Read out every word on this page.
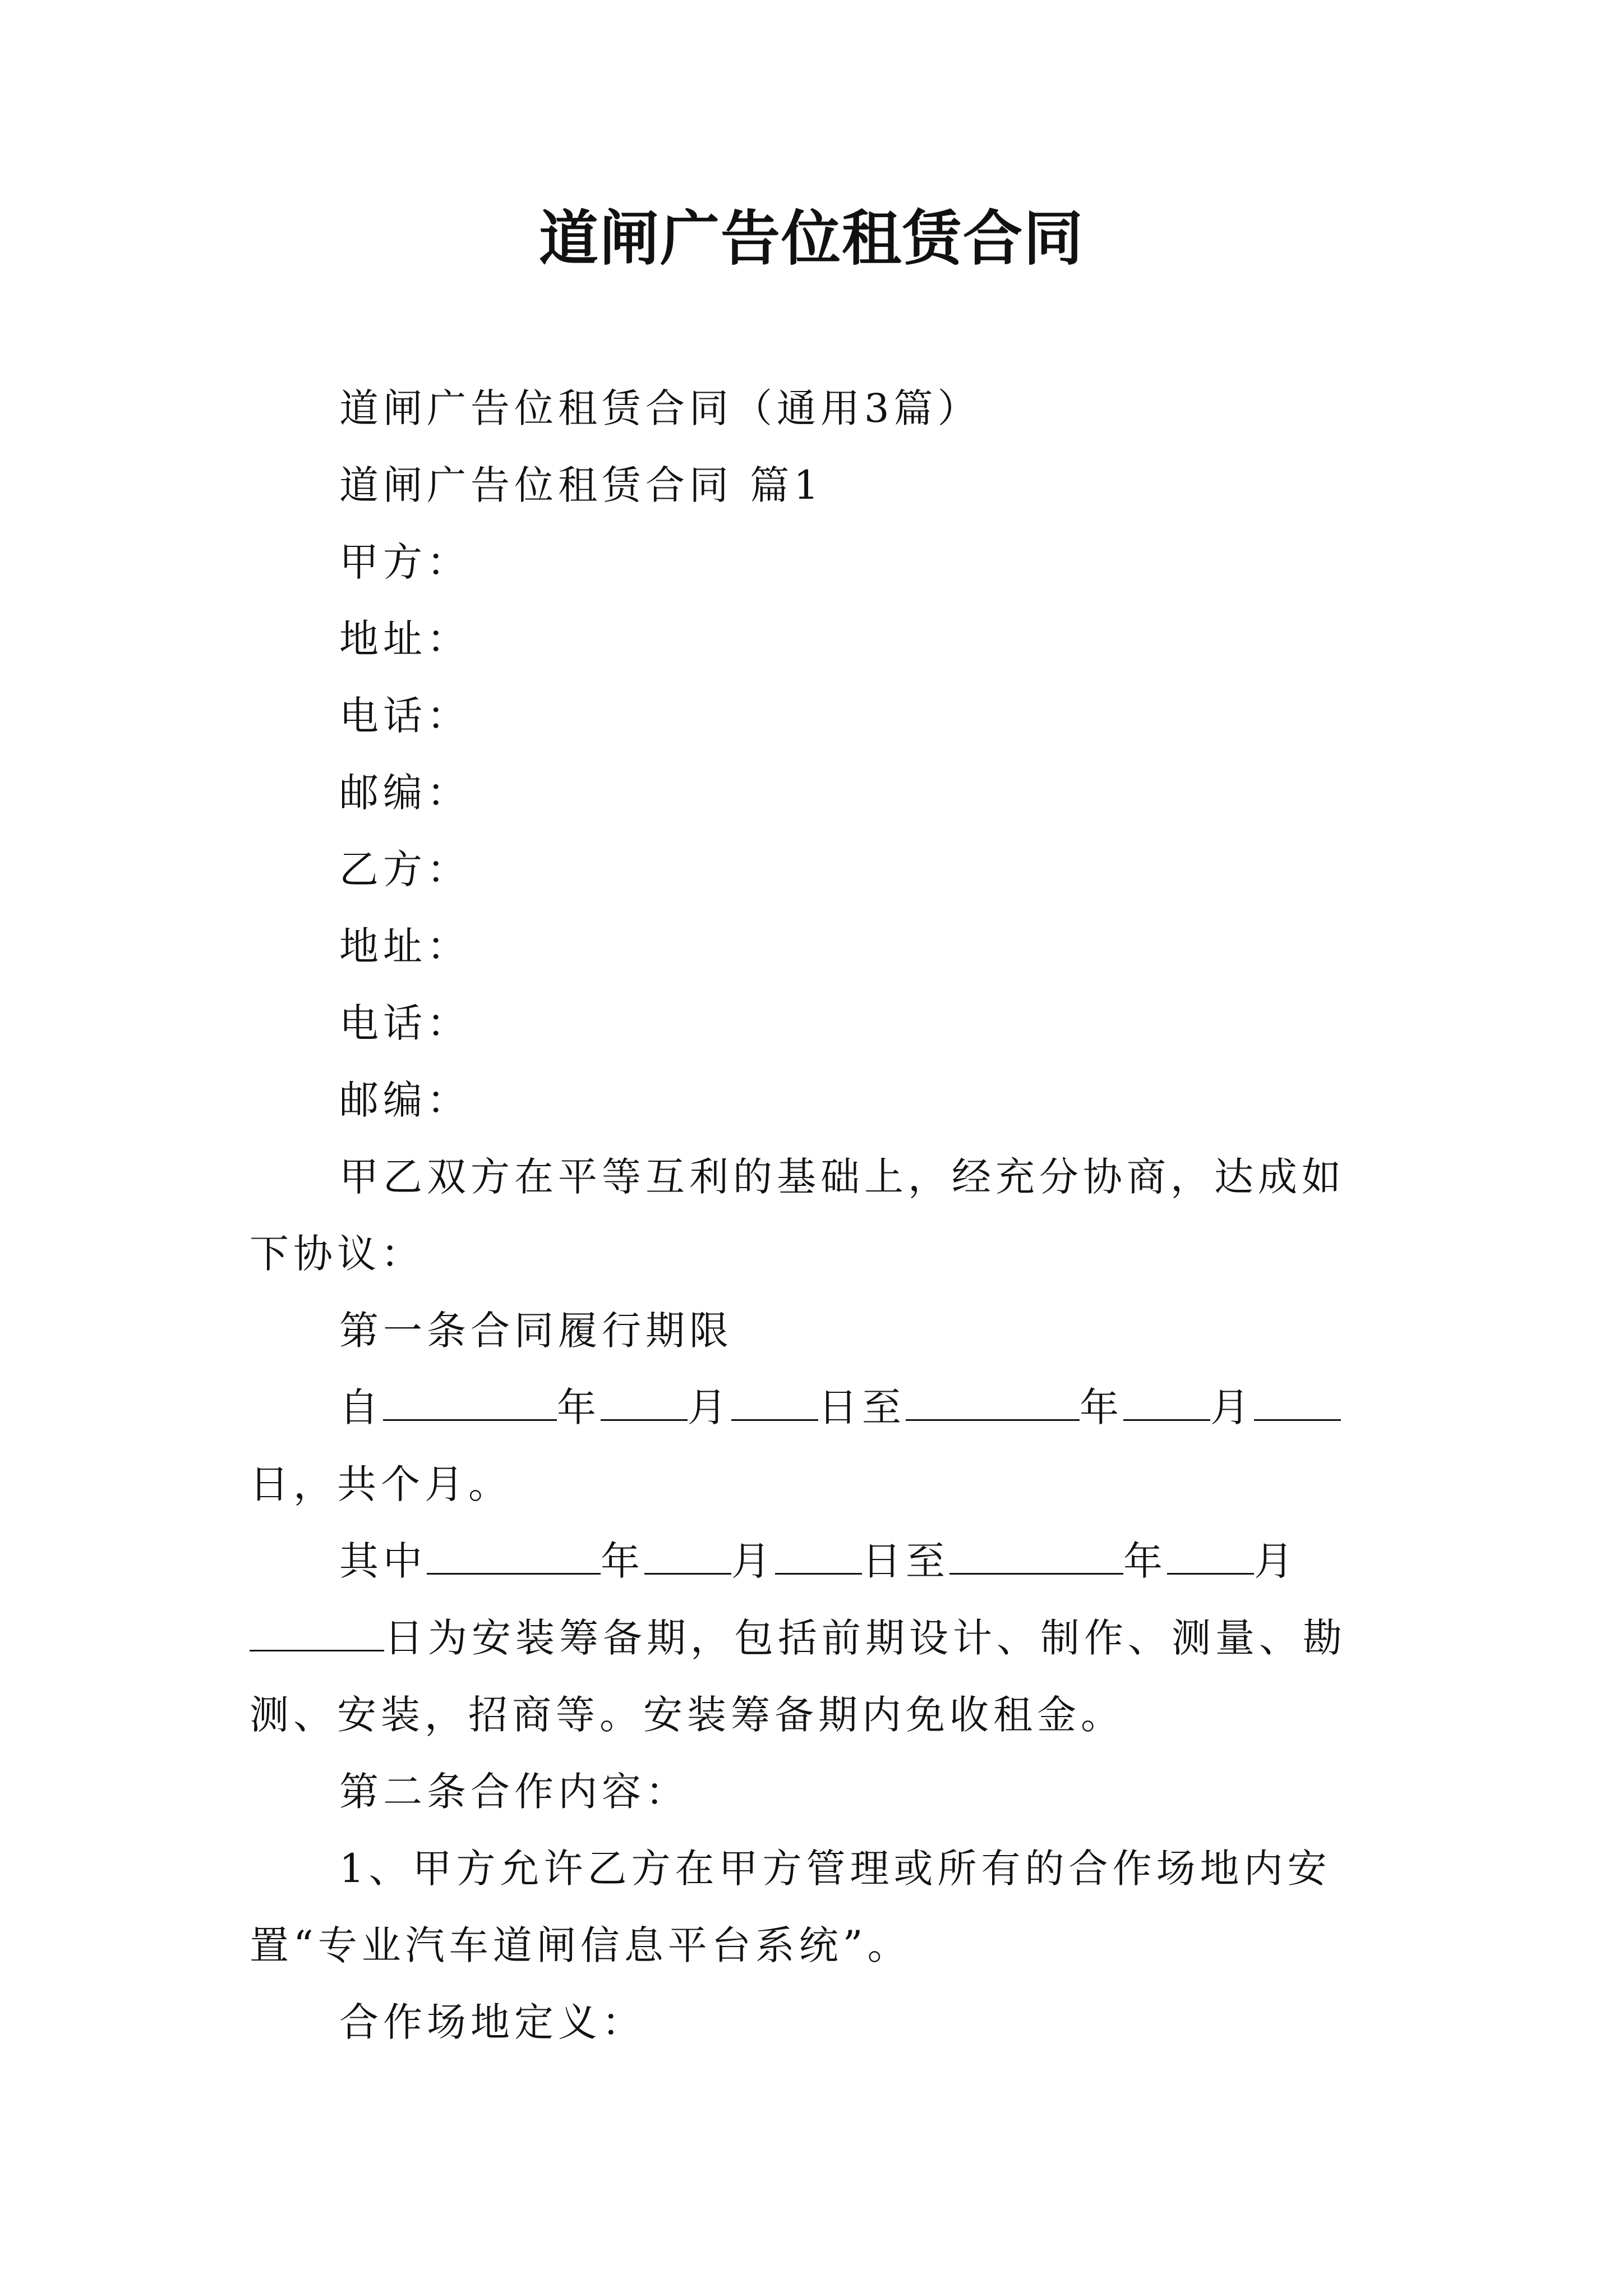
道闸广告位租赁合同

道闸广告位租赁合同（通用3篇）

道闸广告位租赁合同 篇1

甲方：

地址：

电话：

邮编：

乙方：

地址：

电话：

邮编：

甲乙双方在平等互利的基础上，经充分协商，达成如下协议：

第一条合同履行期限

自	年 月 日至	年 月日，共个月。

其中	年 月 日至	年 月日为安装筹备期，包括前期设计、制作、测量、勘测、安装，招商等。安装筹备期内免收租金。

第二条合作内容：

1、甲方允许乙方在甲方管理或所有的合作场地内安置“专业汽车道闸信息平台系统”。

合作场地定义：
